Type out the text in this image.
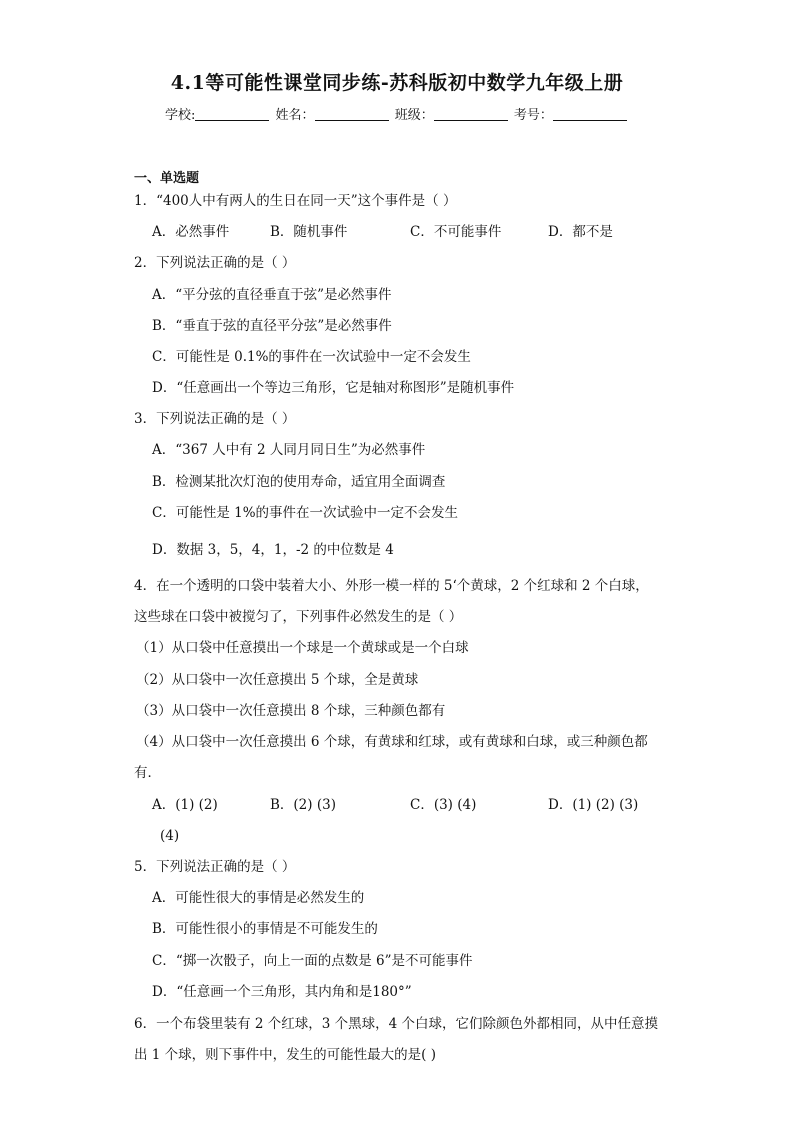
4.1等可能性课堂同步练-苏科版初中数学九年级上册
学校:	姓名：	班级：	考号：
一、单选题
1．“400人中有两人的生日在同一天”这个事件是（ ）
A．必然事件	B．随机事件	C．不可能事件	D．都不是
2．下列说法正确的是（ ）
A．“平分弦的直径垂直于弦”是必然事件
B．“垂直于弦的直径平分弦”是必然事件
C．可能性是 0.1%的事件在一次试验中一定不会发生
D．“任意画出一个等边三角形，它是轴对称图形”是随机事件
3．下列说法正确的是（ ）
A．“367 人中有 2 人同月同日生”为必然事件
B．检测某批次灯泡的使用寿命，适宜用全面调查
C．可能性是 1%的事件在一次试验中一定不会发生
D．数据 3，5，4，1，-2 的中位数是 4
4．在一个透明的口袋中装着大小、外形一模一样的 5‘个黄球，2 个红球和 2 个白球，
这些球在口袋中被搅匀了，下列事件必然发生的是（ ）
（1）从口袋中任意摸出一个球是一个黄球或是一个白球
（2）从口袋中一次任意摸出 5 个球，全是黄球
（3）从口袋中一次任意摸出 8 个球，三种颜色都有
（4）从口袋中一次任意摸出 6 个球，有黄球和红球，或有黄球和白球，或三种颜色都
有．
A．(1) (2)	B．(2) (3)	C．(3) (4)	D．(1) (2) (3)
(4)
5．下列说法正确的是（ ）
A．可能性很大的事情是必然发生的
B．可能性很小的事情是不可能发生的
C．“掷一次骰子，向上一面的点数是 6”是不可能事件
D．“任意画一个三角形，其内角和是180°”
6．一个布袋里装有 2 个红球，3 个黑球，4 个白球，它们除颜色外都相同，从中任意摸
出 1 个球，则下事件中，发生的可能性最大的是( )
